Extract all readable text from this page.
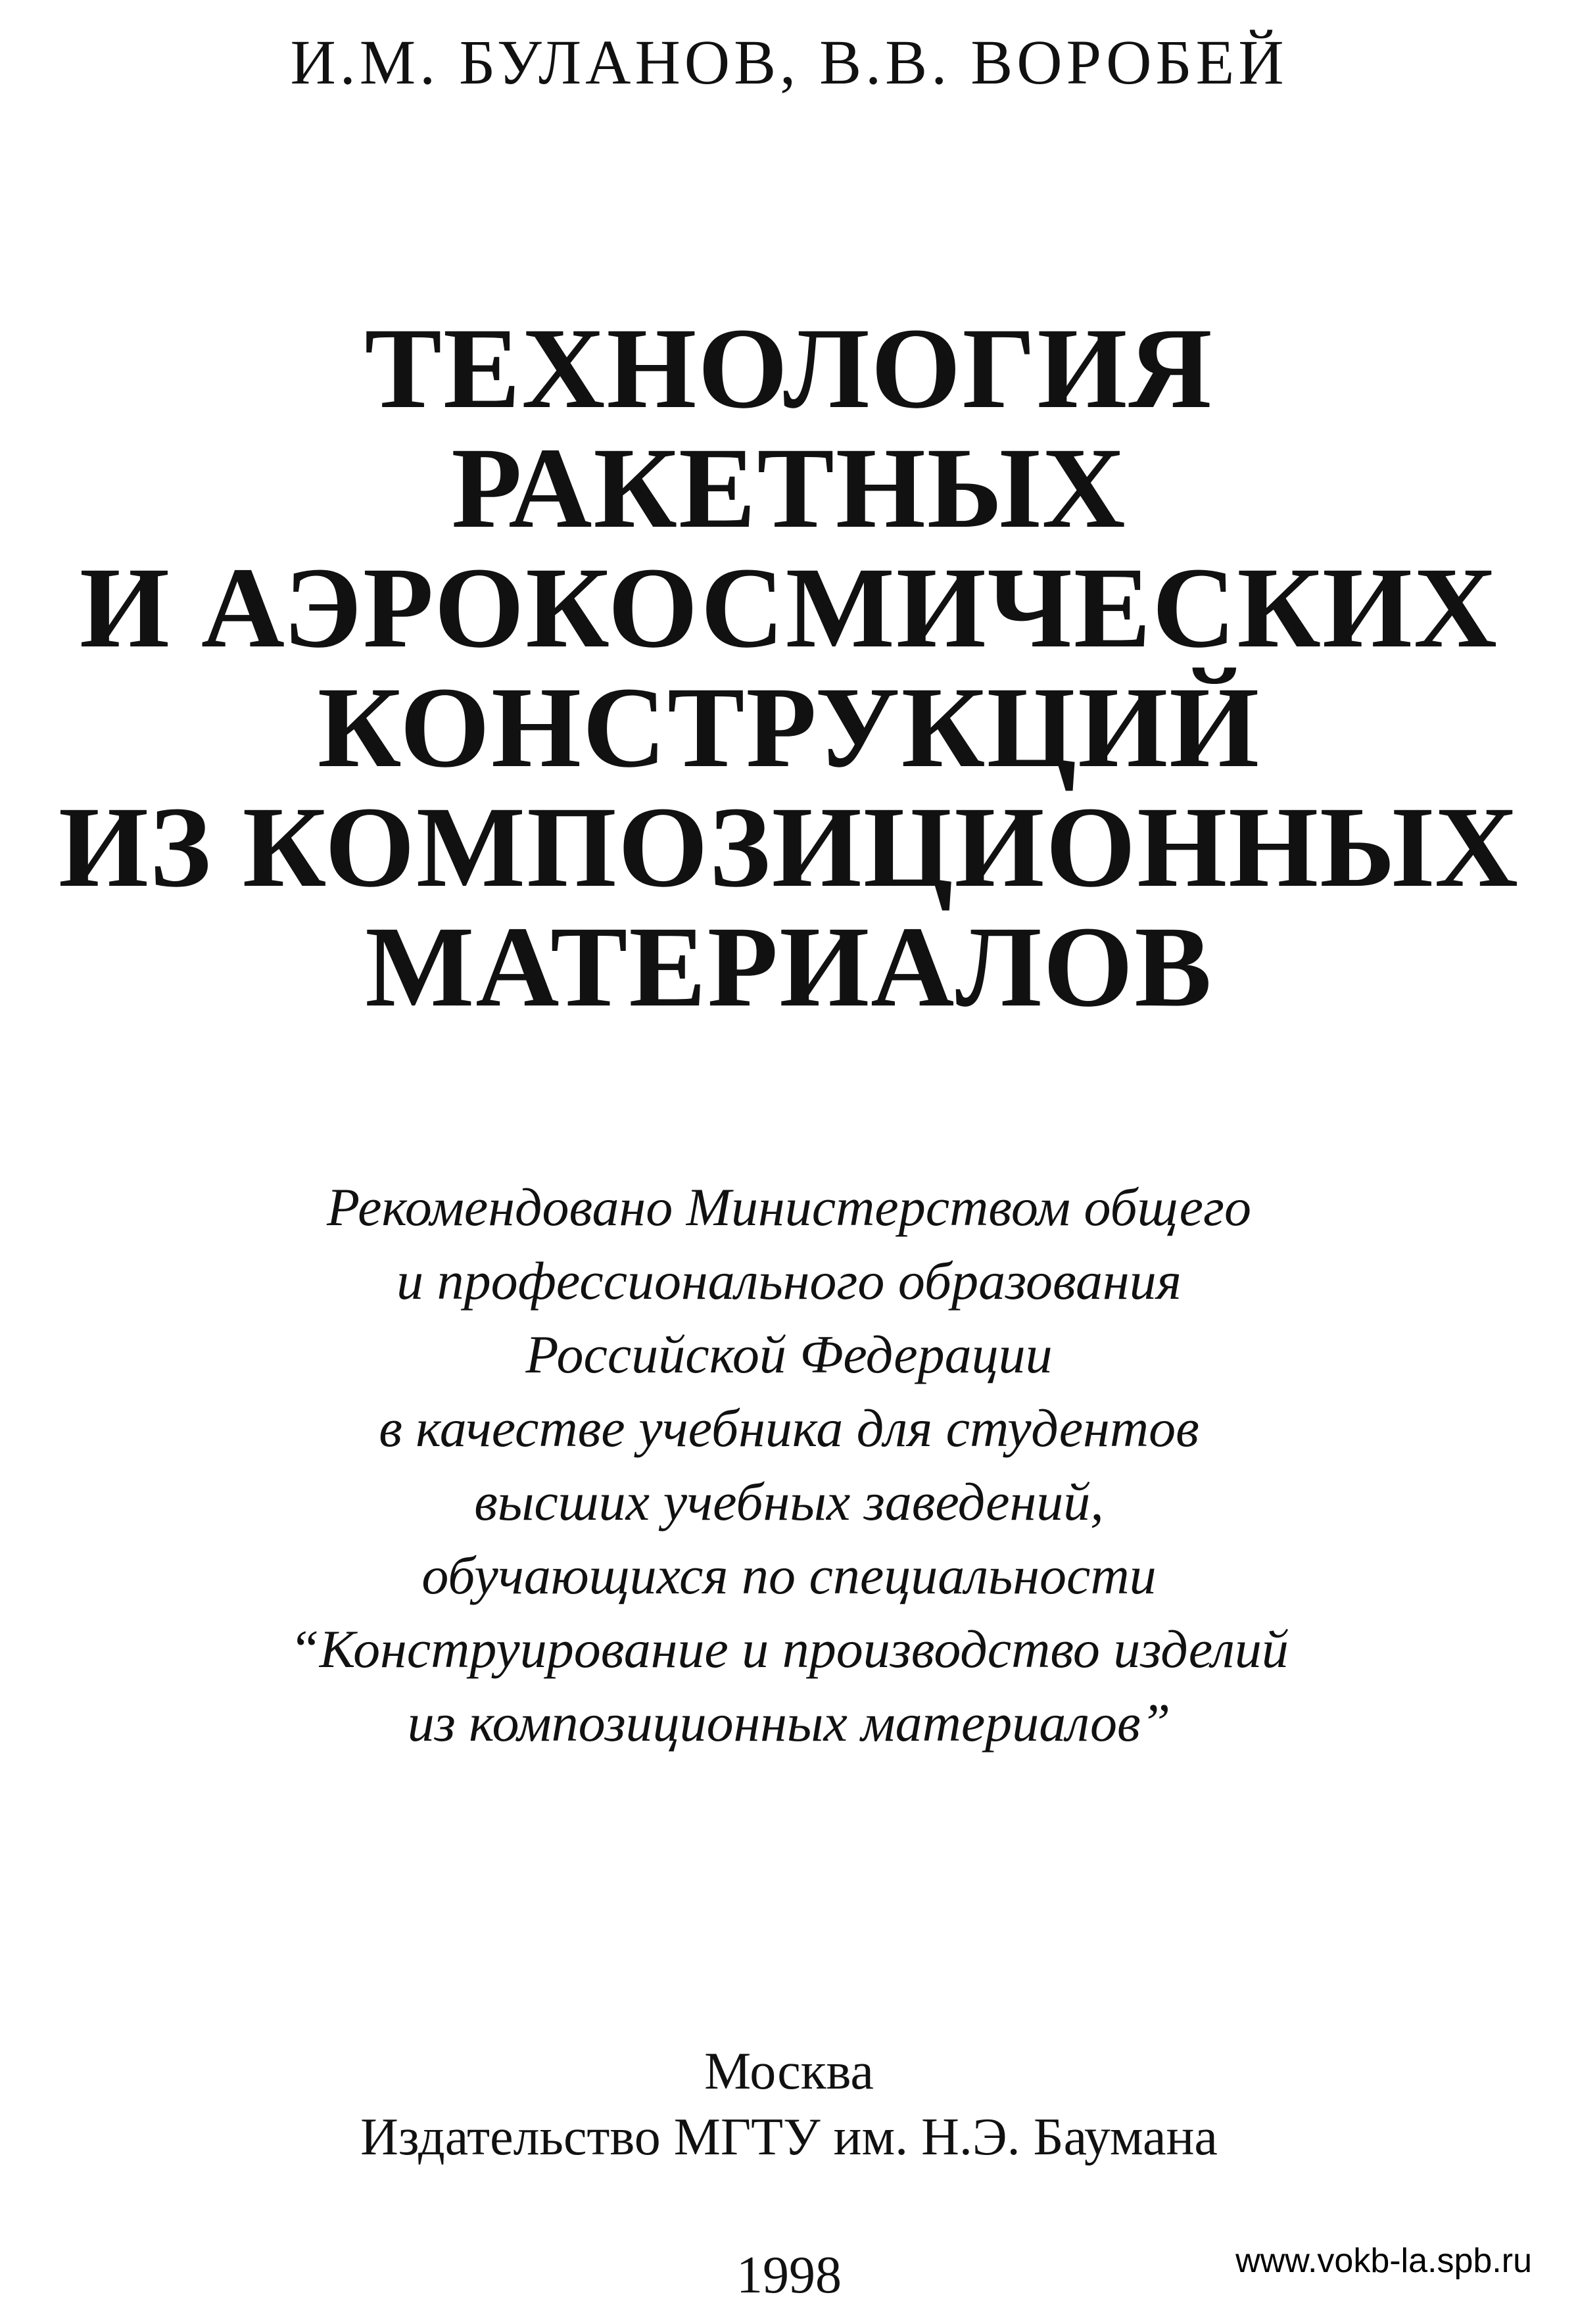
И.М. БУЛАНОВ, В.В. ВОРОБЕЙ
ТЕХНОЛОГИЯ
РАКЕТНЫХ
И АЭРОКОСМИЧЕСКИХ
КОНСТРУКЦИЙ
ИЗ КОМПОЗИЦИОННЫХ
МАТЕРИАЛОВ
Рекомендовано Министерством общего
и профессионального образования
Российской Федерации
в качестве учебника для студентов
высших учебных заведений,
обучающихся по специальности
“Конструирование и производство изделий
из композиционных материалов”
Москва
Издательство МГТУ им. Н.Э. Баумана
1998	www.vokb-la.spb.ru
